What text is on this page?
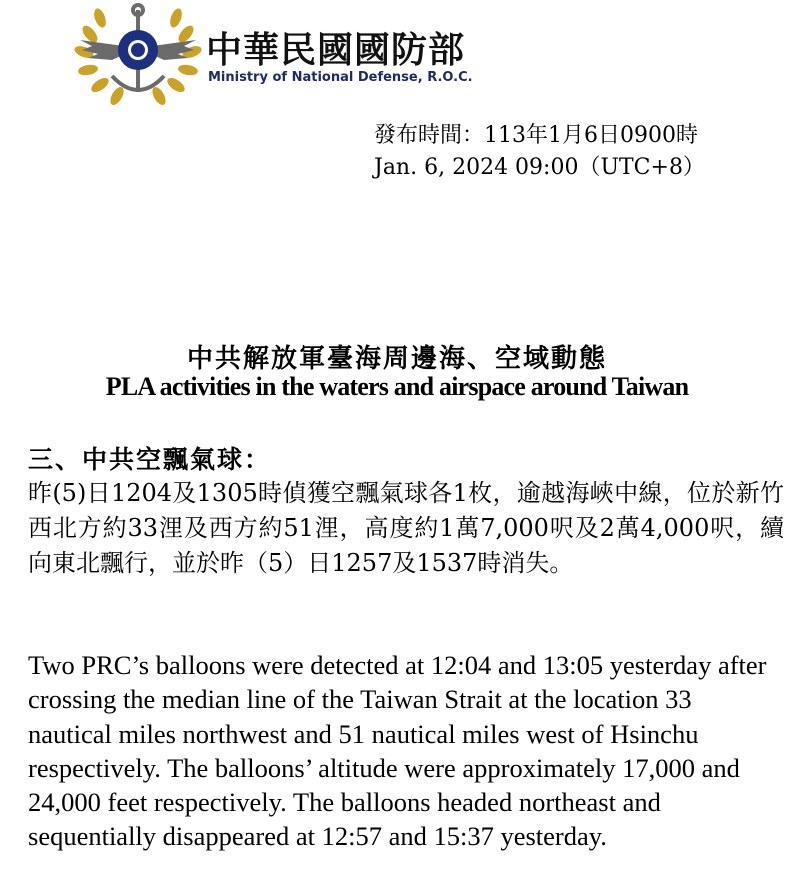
中華民國國防部
Ministry of National Defense, R.O.C.
發布時間：113年1月6日0900時
Jan. 6, 2024 09:00（UTC+8）
中共解放軍臺海周邊海、空域動態
PLA activities in the waters and airspace around Taiwan
三、中共空飄氣球：

昨(5)日1204及1305時偵獲空飄氣球各1枚，逾越海峽中線，位於新竹西北方約33浬及西方約51浬，高度約1萬7,000呎及2萬4,000呎，續向東北飄行，並於昨（5）日1257及1537時消失。

Two PRC’s balloons were detected at 12:04 and 13:05 yesterday after crossing the median line of the Taiwan Strait at the location 33 nautical miles northwest and 51 nautical miles west of Hsinchu respectively. The balloons’ altitude were approximately 17,000 and 24,000 feet respectively. The balloons headed northeast and sequentially disappeared at 12:57 and 15:37 yesterday.
